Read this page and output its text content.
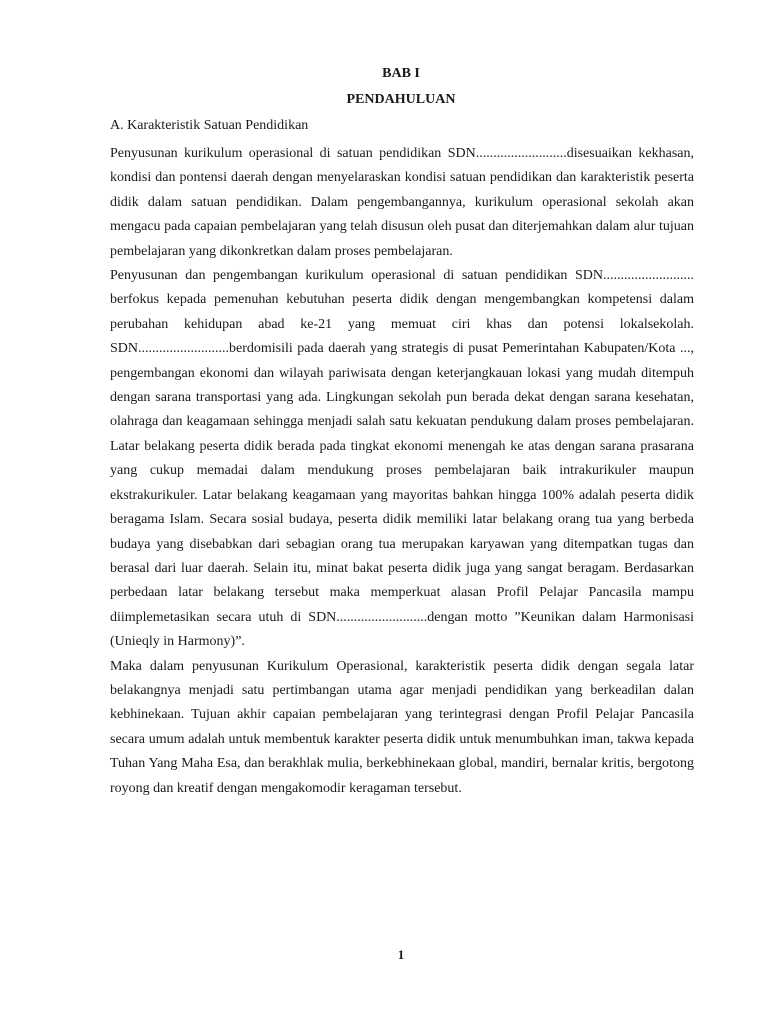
BAB I
PENDAHULUAN
A. Karakteristik Satuan Pendidikan

Penyusunan kurikulum operasional di satuan pendidikan SDN..........................disesuaikan kekhasan, kondisi dan pontensi daerah dengan menyelaraskan kondisi satuan pendidikan dan karakteristik peserta didik dalam satuan pendidikan. Dalam pengembangannya, kurikulum operasional sekolah akan mengacu pada capaian pembelajaran yang telah disusun oleh pusat dan diterjemahkan dalam alur tujuan pembelajaran yang dikonkretkan dalam proses pembelajaran.

Penyusunan dan pengembangan kurikulum operasional di satuan pendidikan SDN.......................... berfokus kepada pemenuhan kebutuhan peserta didik dengan mengembangkan kompetensi dalam perubahan kehidupan abad ke-21 yang memuat ciri khas dan potensi lokalsekolah. SDN..........................berdomisili pada daerah yang strategis di pusat Pemerintahan Kabupaten/Kota ..., pengembangan ekonomi dan wilayah pariwisata dengan keterjangkauan lokasi yang mudah ditempuh dengan sarana transportasi yang ada. Lingkungan sekolah pun berada dekat dengan sarana kesehatan, olahraga dan keagamaan sehingga menjadi salah satu kekuatan pendukung dalam proses pembelajaran. Latar belakang peserta didik berada pada tingkat ekonomi menengah ke atas dengan sarana prasarana yang cukup memadai dalam mendukung proses pembelajaran baik intrakurikuler maupun ekstrakurikuler. Latar belakang keagamaan yang mayoritas bahkan hingga 100% adalah peserta didik beragama Islam. Secara sosial budaya, peserta didik memiliki latar belakang orang tua yang berbeda budaya yang disebabkan dari sebagian orang tua merupakan karyawan yang ditempatkan tugas dan berasal dari luar daerah. Selain itu, minat bakat peserta didik juga yang sangat beragam. Berdasarkan perbedaan latar belakang tersebut maka memperkuat alasan Profil Pelajar Pancasila mampu diimplemetasikan secara utuh di SDN..........................dengan motto ”Keunikan dalam Harmonisasi (Unieqly in Harmony)”.

Maka dalam penyusunan Kurikulum Operasional, karakteristik peserta didik dengan segala latar belakangnya menjadi satu pertimbangan utama agar menjadi pendidikan yang berkeadilan dalan kebhinekaan. Tujuan akhir capaian pembelajaran yang terintegrasi dengan Profil Pelajar Pancasila secara umum adalah untuk membentuk karakter peserta didik untuk menumbuhkan iman, takwa kepada Tuhan Yang Maha Esa, dan berakhlak mulia, berkebhinekaan global, mandiri, bernalar kritis, bergotong royong dan kreatif dengan mengakomodir keragaman tersebut.

1
